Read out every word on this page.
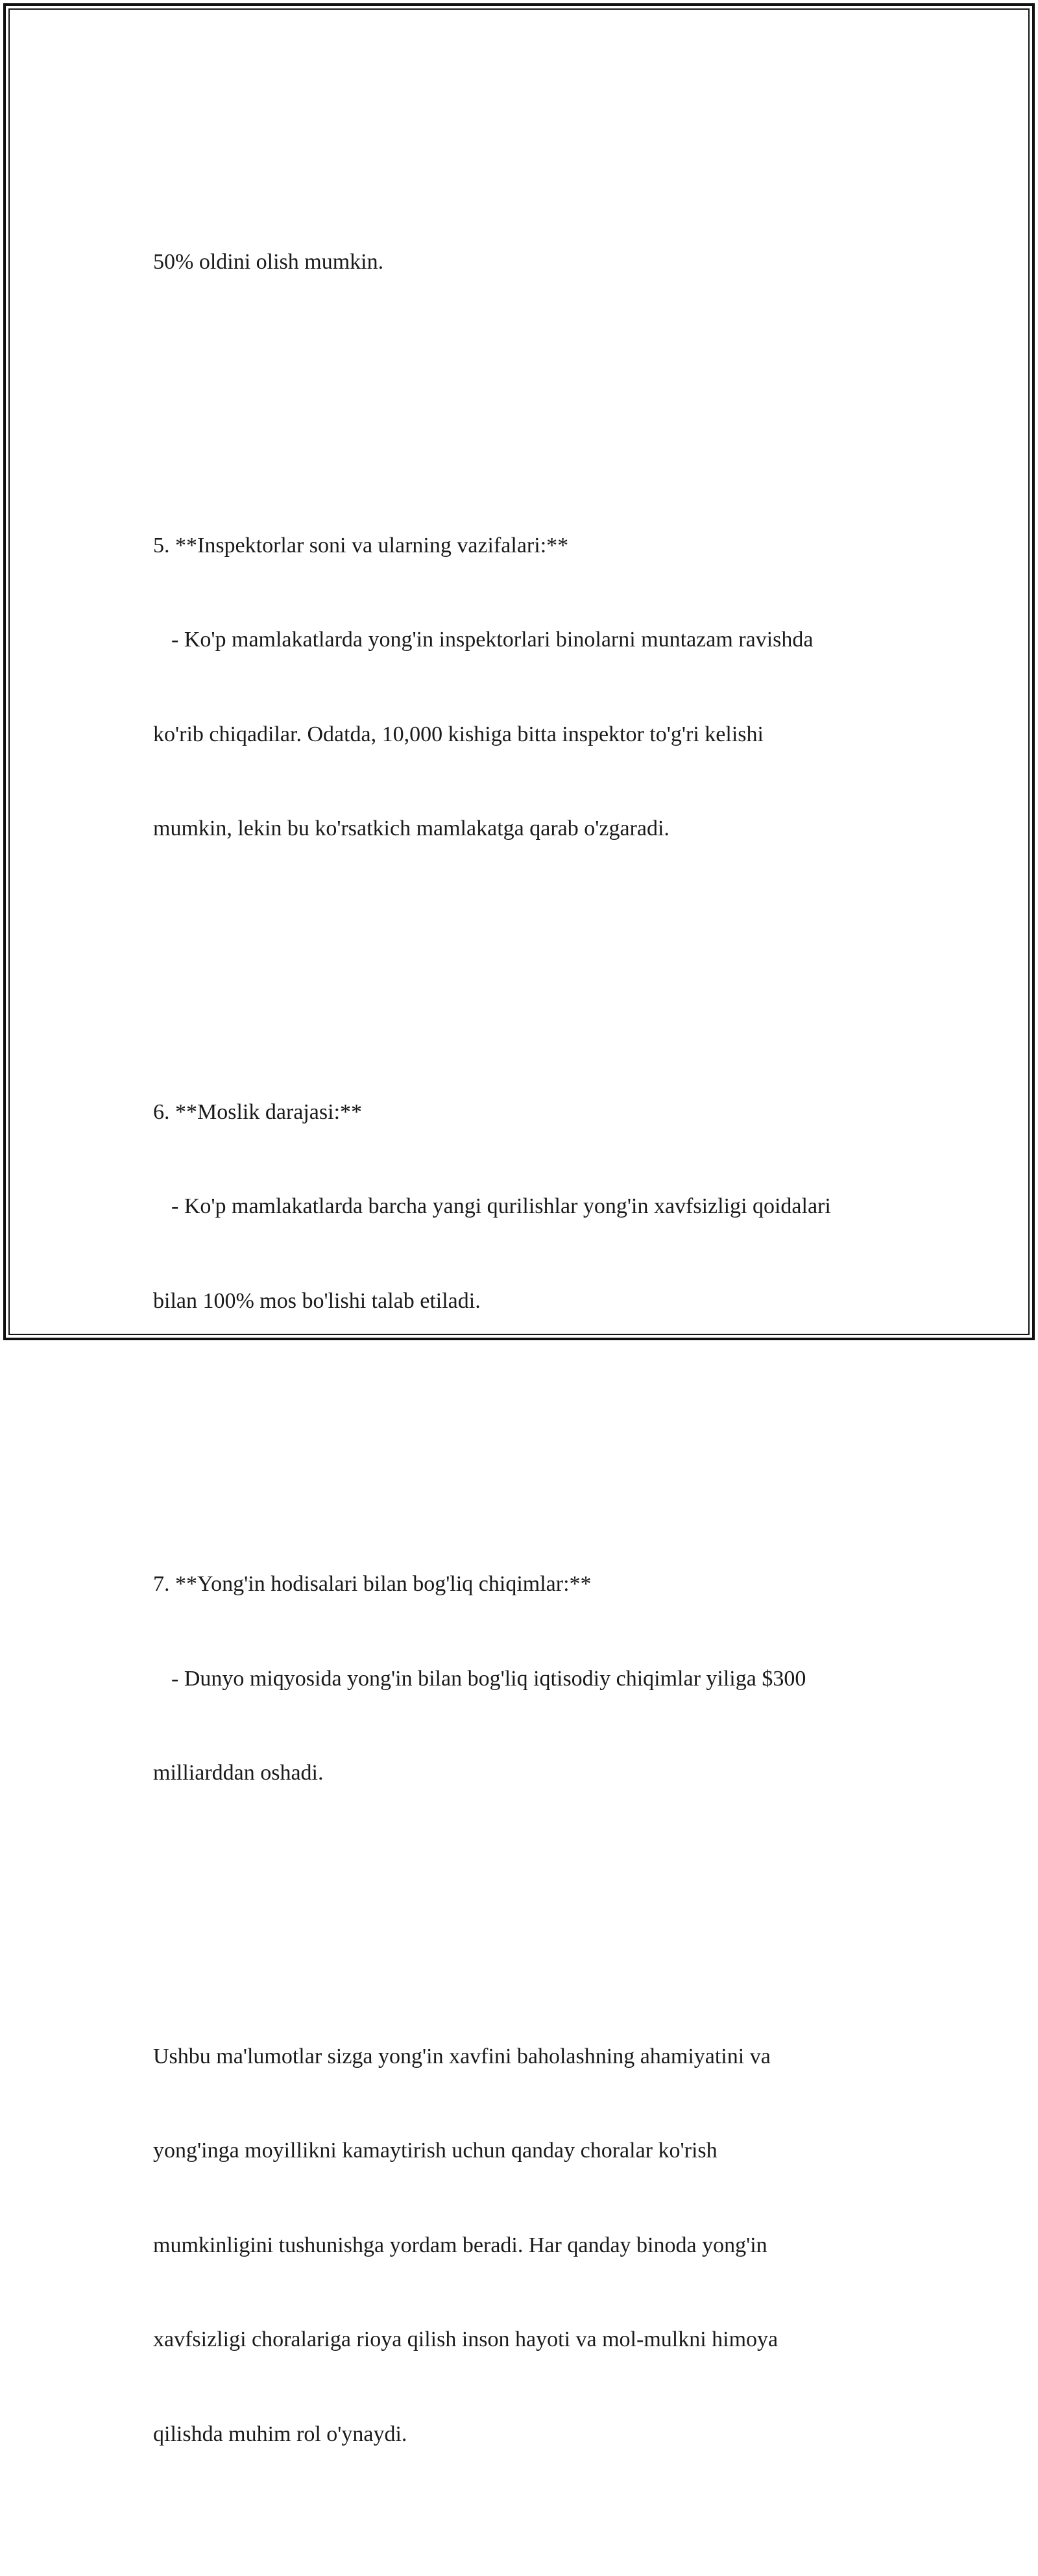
50% oldini olish mumkin.

5. **Inspektorlar soni va ularning vazifalari:**

- Ko'p mamlakatlarda yong'in inspektorlari binolarni muntazam ravishda

ko'rib chiqadilar. Odatda, 10,000 kishiga bitta inspektor to'g'ri kelishi

mumkin, lekin bu ko'rsatkich mamlakatga qarab o'zgaradi.

6. **Moslik darajasi:**

- Ko'p mamlakatlarda barcha yangi qurilishlar yong'in xavfsizligi qoidalari

bilan 100% mos bo'lishi talab etiladi.

7. **Yong'in hodisalari bilan bog'liq chiqimlar:**

- Dunyo miqyosida yong'in bilan bog'liq iqtisodiy chiqimlar yiliga $300

milliarddan oshadi.

Ushbu ma'lumotlar sizga yong'in xavfini baholashning ahamiyatini va

yong'inga moyillikni kamaytirish uchun qanday choralar ko'rish

mumkinligini tushunishga yordam beradi. Har qanday binoda yong'in

xavfsizligi choralariga rioya qilish inson hayoti va mol-mulkni himoya

qilishda muhim rol o'ynaydi.
